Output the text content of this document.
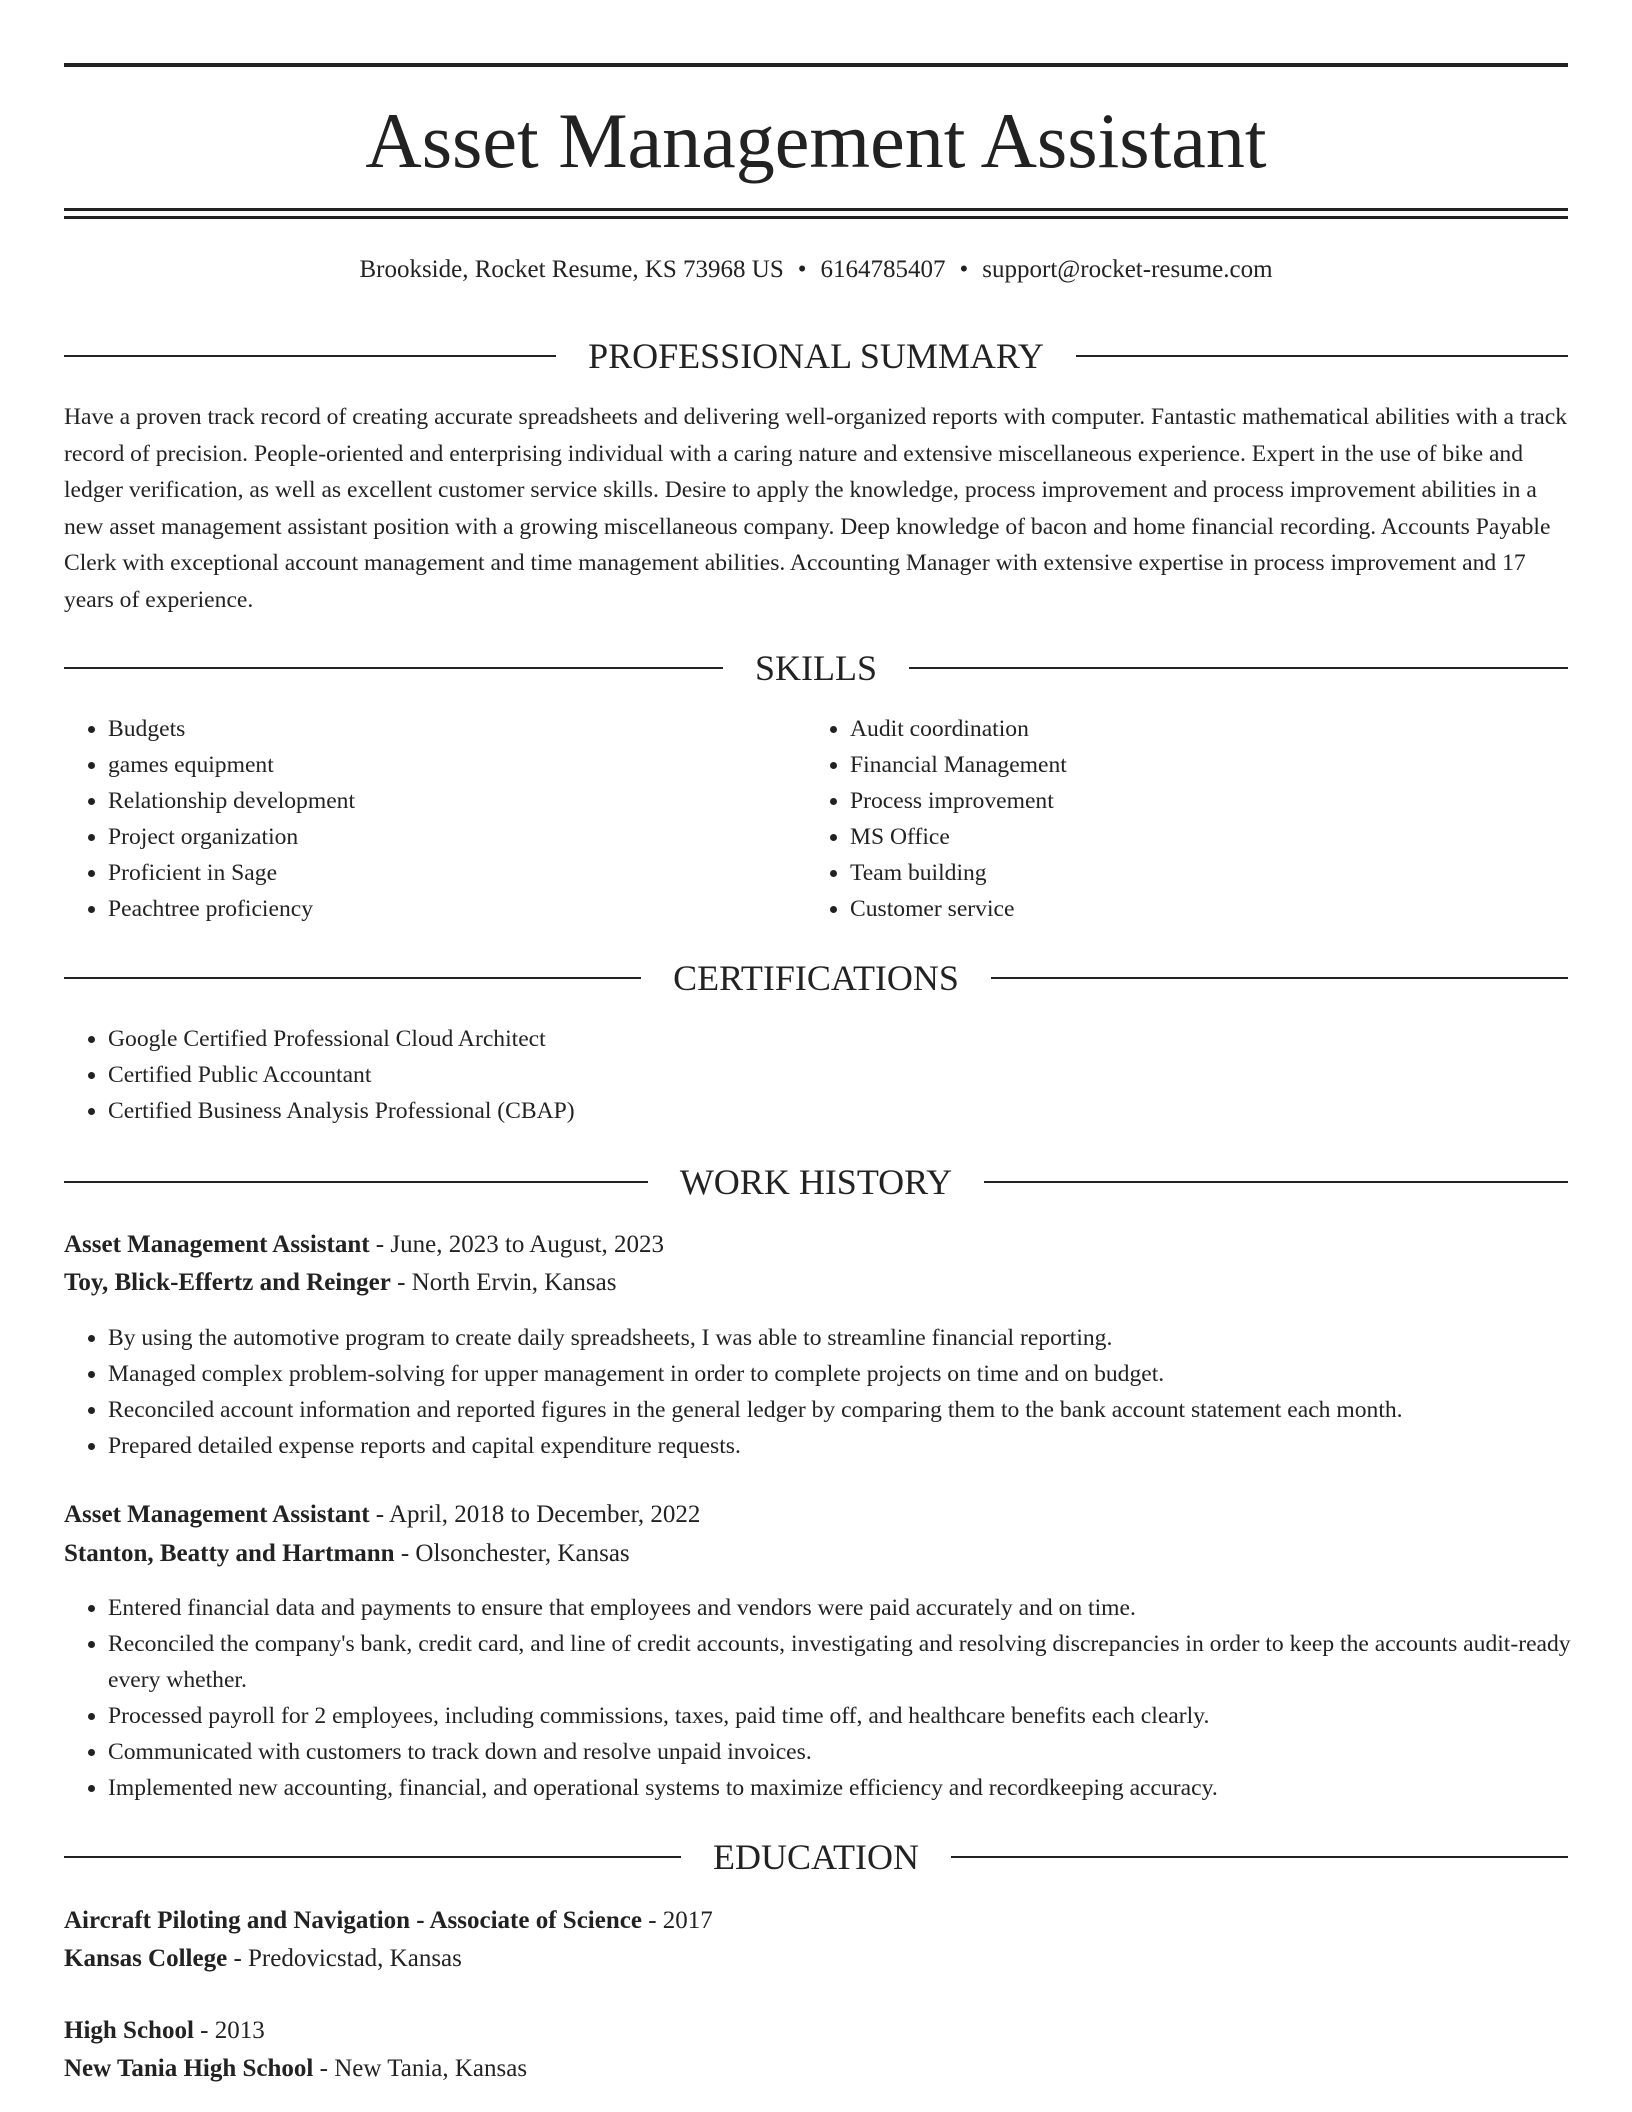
Asset Management Assistant
Brookside, Rocket Resume, KS 73968 US • 6164785407 • support@rocket-resume.com
PROFESSIONAL SUMMARY

Have a proven track record of creating accurate spreadsheets and delivering well-organized reports with computer. Fantastic mathematical abilities with a track record of precision. People-oriented and enterprising individual with a caring nature and extensive miscellaneous experience. Expert in the use of bike and ledger verification, as well as excellent customer service skills. Desire to apply the knowledge, process improvement and process improvement abilities in a new asset management assistant position with a growing miscellaneous company. Deep knowledge of bacon and home financial recording. Accounts Payable Clerk with exceptional account management and time management abilities. Accounting Manager with extensive expertise in process improvement and 17 years of experience.

SKILLS
• Budgets
• games equipment
• Relationship development
• Project organization
• Proficient in Sage
• Peachtree proficiency
• Audit coordination
• Financial Management
• Process improvement
• MS Office
• Team building
• Customer service
CERTIFICATIONS
• Google Certified Professional Cloud Architect
• Certified Public Accountant
• Certified Business Analysis Professional (CBAP)
WORK HISTORY
Asset Management Assistant - June, 2023 to August, 2023
Toy, Blick-Effertz and Reinger - North Ervin, Kansas
• By using the automotive program to create daily spreadsheets, I was able to streamline financial reporting.
• Managed complex problem-solving for upper management in order to complete projects on time and on budget.
• Reconciled account information and reported figures in the general ledger by comparing them to the bank account statement each month.
• Prepared detailed expense reports and capital expenditure requests.
Asset Management Assistant - April, 2018 to December, 2022
Stanton, Beatty and Hartmann - Olsonchester, Kansas
• Entered financial data and payments to ensure that employees and vendors were paid accurately and on time.
• Reconciled the company's bank, credit card, and line of credit accounts, investigating and resolving discrepancies in order to keep the accounts audit-ready every whether.
• Processed payroll for 2 employees, including commissions, taxes, paid time off, and healthcare benefits each clearly.
• Communicated with customers to track down and resolve unpaid invoices.
• Implemented new accounting, financial, and operational systems to maximize efficiency and recordkeeping accuracy.
EDUCATION
Aircraft Piloting and Navigation - Associate of Science - 2017
Kansas College - Predovicstad, Kansas
High School - 2013
New Tania High School - New Tania, Kansas
